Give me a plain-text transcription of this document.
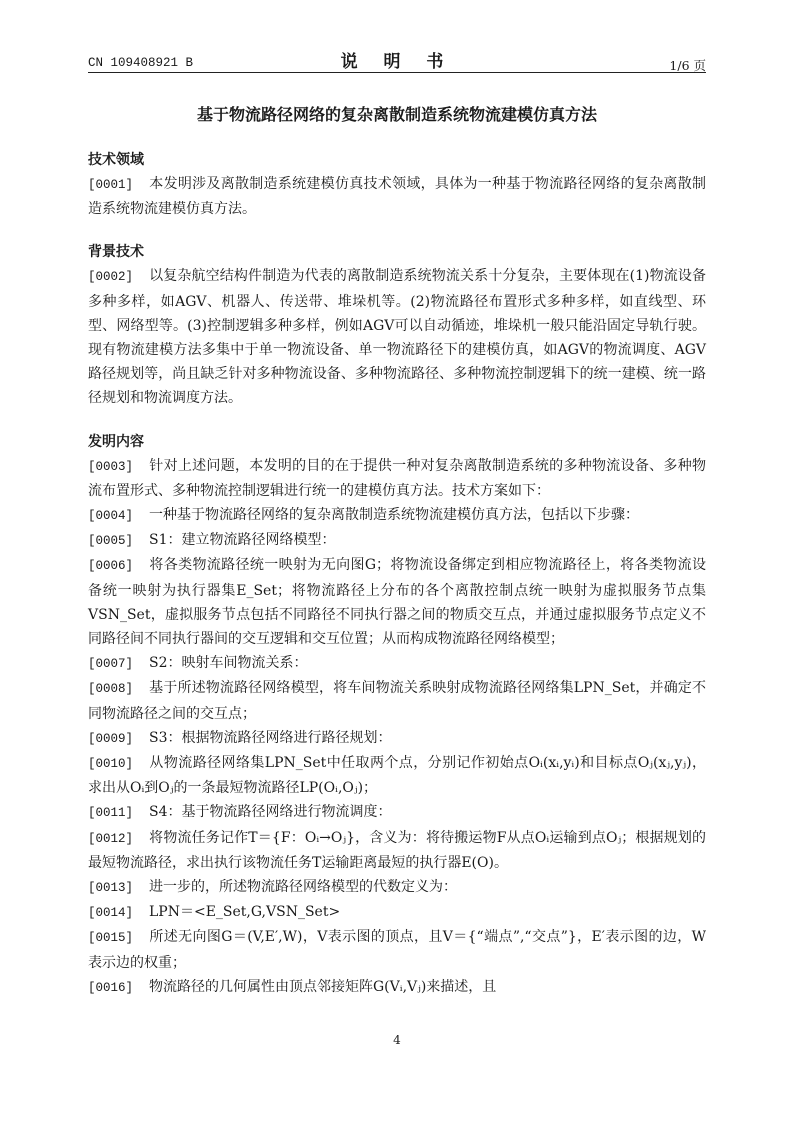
CN 109408921 B	说 明 书	1/6 页
基于物流路径网络的复杂离散制造系统物流建模仿真方法
技术领域
[0001] 本发明涉及离散制造系统建模仿真技术领域，具体为一种基于物流路径网络的复杂离散制造系统物流建模仿真方法。
背景技术
[0002] 以复杂航空结构件制造为代表的离散制造系统物流关系十分复杂，主要体现在(1)物流设备多种多样，如AGV、机器人、传送带、堆垛机等。(2)物流路径布置形式多种多样，如直线型、环型、网络型等。(3)控制逻辑多种多样，例如AGV可以自动循迹，堆垛机一般只能沿固定导轨行驶。现有物流建模方法多集中于单一物流设备、单一物流路径下的建模仿真，如AGV的物流调度、AGV路径规划等，尚且缺乏针对多种物流设备、多种物流路径、多种物流控制逻辑下的统一建模、统一路径规划和物流调度方法。
发明内容
[0003] 针对上述问题，本发明的目的在于提供一种对复杂离散制造系统的多种物流设备、多种物流布置形式、多种物流控制逻辑进行统一的建模仿真方法。技术方案如下：
[0004] 一种基于物流路径网络的复杂离散制造系统物流建模仿真方法，包括以下步骤：
[0005] S1：建立物流路径网络模型：
[0006] 将各类物流路径统一映射为无向图G；将物流设备绑定到相应物流路径上，将各类物流设备统一映射为执行器集E_Set；将物流路径上分布的各个离散控制点统一映射为虚拟服务节点集VSN_Set，虚拟服务节点包括不同路径不同执行器之间的物质交互点，并通过虚拟服务节点定义不同路径间不同执行器间的交互逻辑和交互位置；从而构成物流路径网络模型；
[0007] S2：映射车间物流关系：
[0008] 基于所述物流路径网络模型，将车间物流关系映射成物流路径网络集LPN_Set，并确定不同物流路径之间的交互点；
[0009] S3：根据物流路径网络进行路径规划：
[0010] 从物流路径网络集LPN_Set中任取两个点，分别记作初始点Oᵢ(xᵢ,yᵢ)和目标点Oⱼ(xⱼ,yⱼ)，求出从Oᵢ到Oⱼ的一条最短物流路径LP(Oᵢ,Oⱼ)；
[0011] S4：基于物流路径网络进行物流调度：
[0012] 将物流任务记作T＝{F：Oᵢ→Oⱼ}，含义为：将待搬运物F从点Oᵢ运输到点Oⱼ；根据规划的最短物流路径，求出执行该物流任务T运输距离最短的执行器E(O)。
[0013] 进一步的，所述物流路径网络模型的代数定义为：
[0014] LPN＝<E_Set,G,VSN_Set>
[0015] 所述无向图G＝(V,E′,W)，V表示图的顶点，且V＝{“端点”,“交点”}，E′表示图的边，W表示边的权重；
[0016] 物流路径的几何属性由顶点邻接矩阵G(Vᵢ,Vⱼ)来描述，且
4
